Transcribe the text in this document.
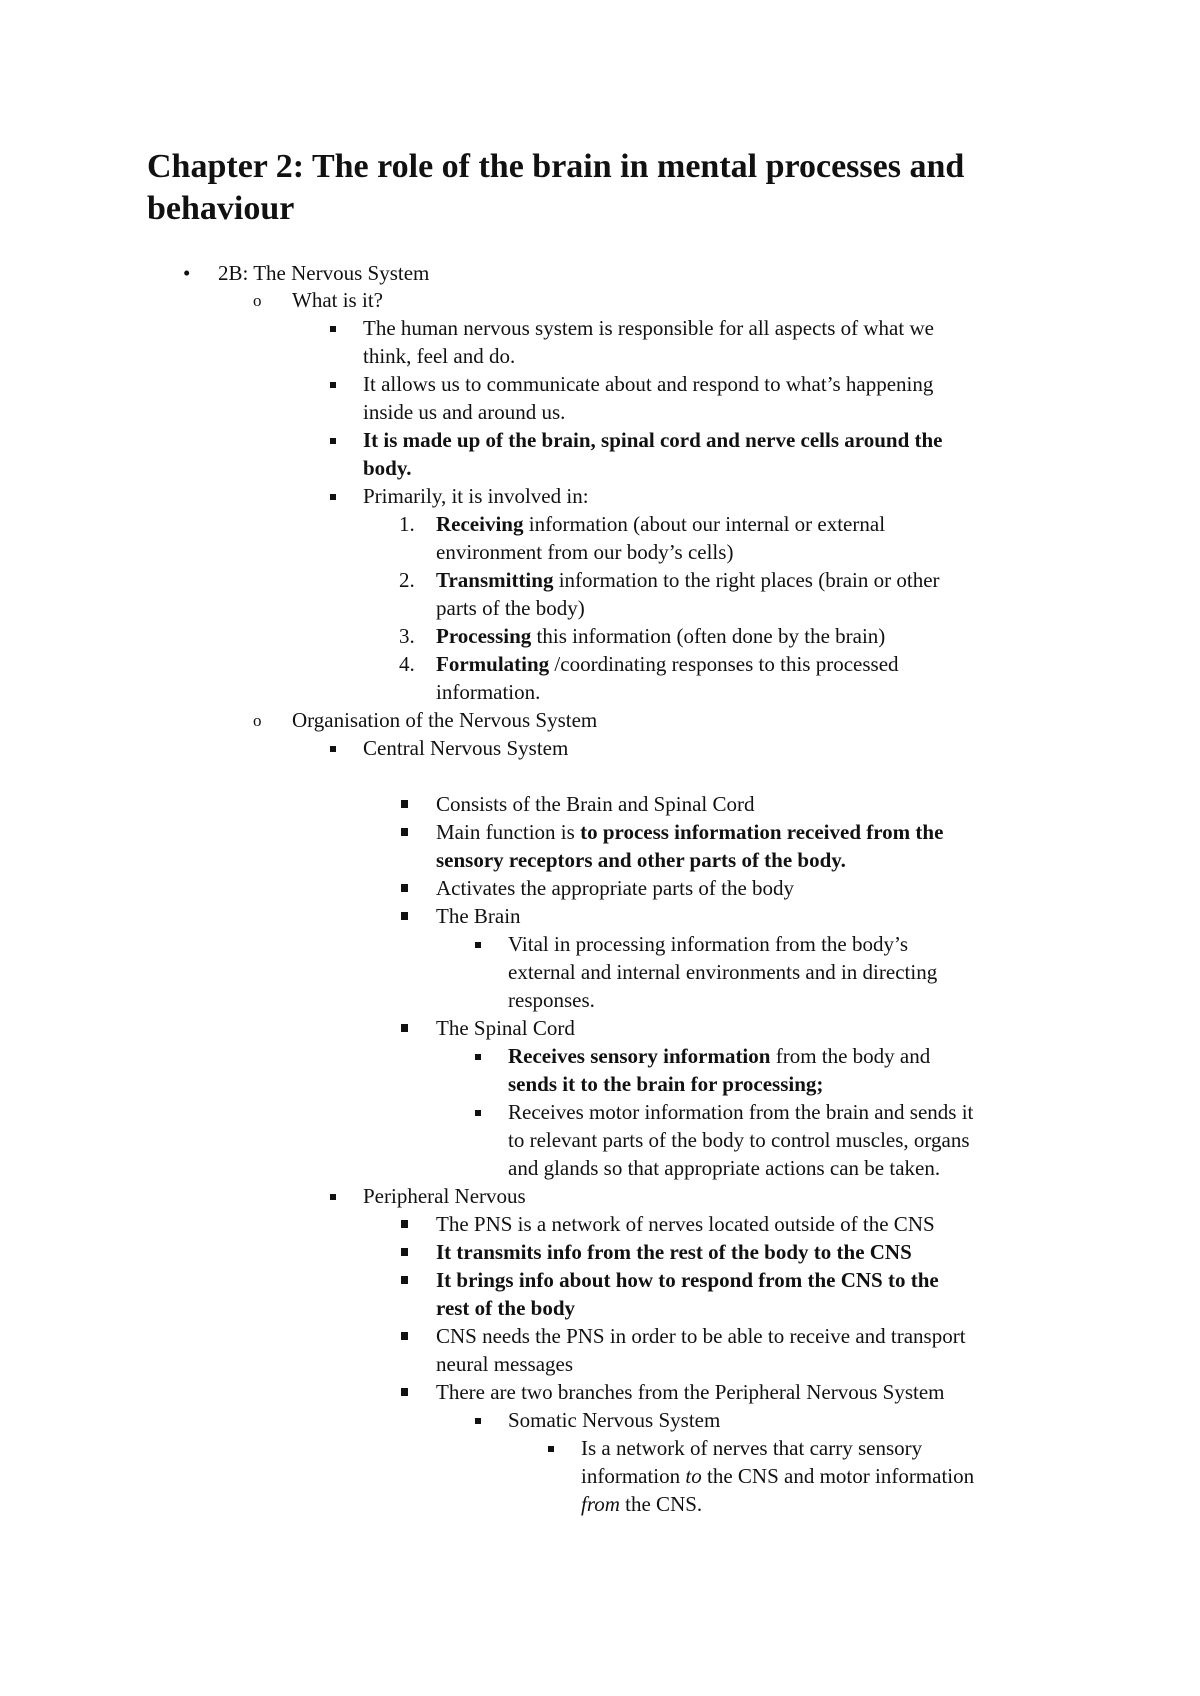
Chapter 2: The role of the brain in mental processes and
behaviour
• 2B: The Nervous System
o What is it?
The human nervous system is responsible for all aspects of what we
think, feel and do.
It allows us to communicate about and respond to what’s happening
inside us and around us.
It is made up of the brain, spinal cord and nerve cells around the
body.
Primarily, it is involved in:
1. Receiving information (about our internal or external
environment from our body’s cells)
2. Transmitting information to the right places (brain or other
parts of the body)
3. Processing this information (often done by the brain)
4. Formulating /coordinating responses to this processed
information.
o Organisation of the Nervous System
Central Nervous System
Consists of the Brain and Spinal Cord
Main function is to process information received from the
sensory receptors and other parts of the body.
Activates the appropriate parts of the body
The Brain
Vital in processing information from the body’s
external and internal environments and in directing
responses.
The Spinal Cord
Receives sensory information from the body and
sends it to the brain for processing;
Receives motor information from the brain and sends it
to relevant parts of the body to control muscles, organs
and glands so that appropriate actions can be taken.
Peripheral Nervous
The PNS is a network of nerves located outside of the CNS
It transmits info from the rest of the body to the CNS
It brings info about how to respond from the CNS to the
rest of the body
CNS needs the PNS in order to be able to receive and transport
neural messages
There are two branches from the Peripheral Nervous System
Somatic Nervous System
Is a network of nerves that carry sensory
information to the CNS and motor information
from the CNS.
